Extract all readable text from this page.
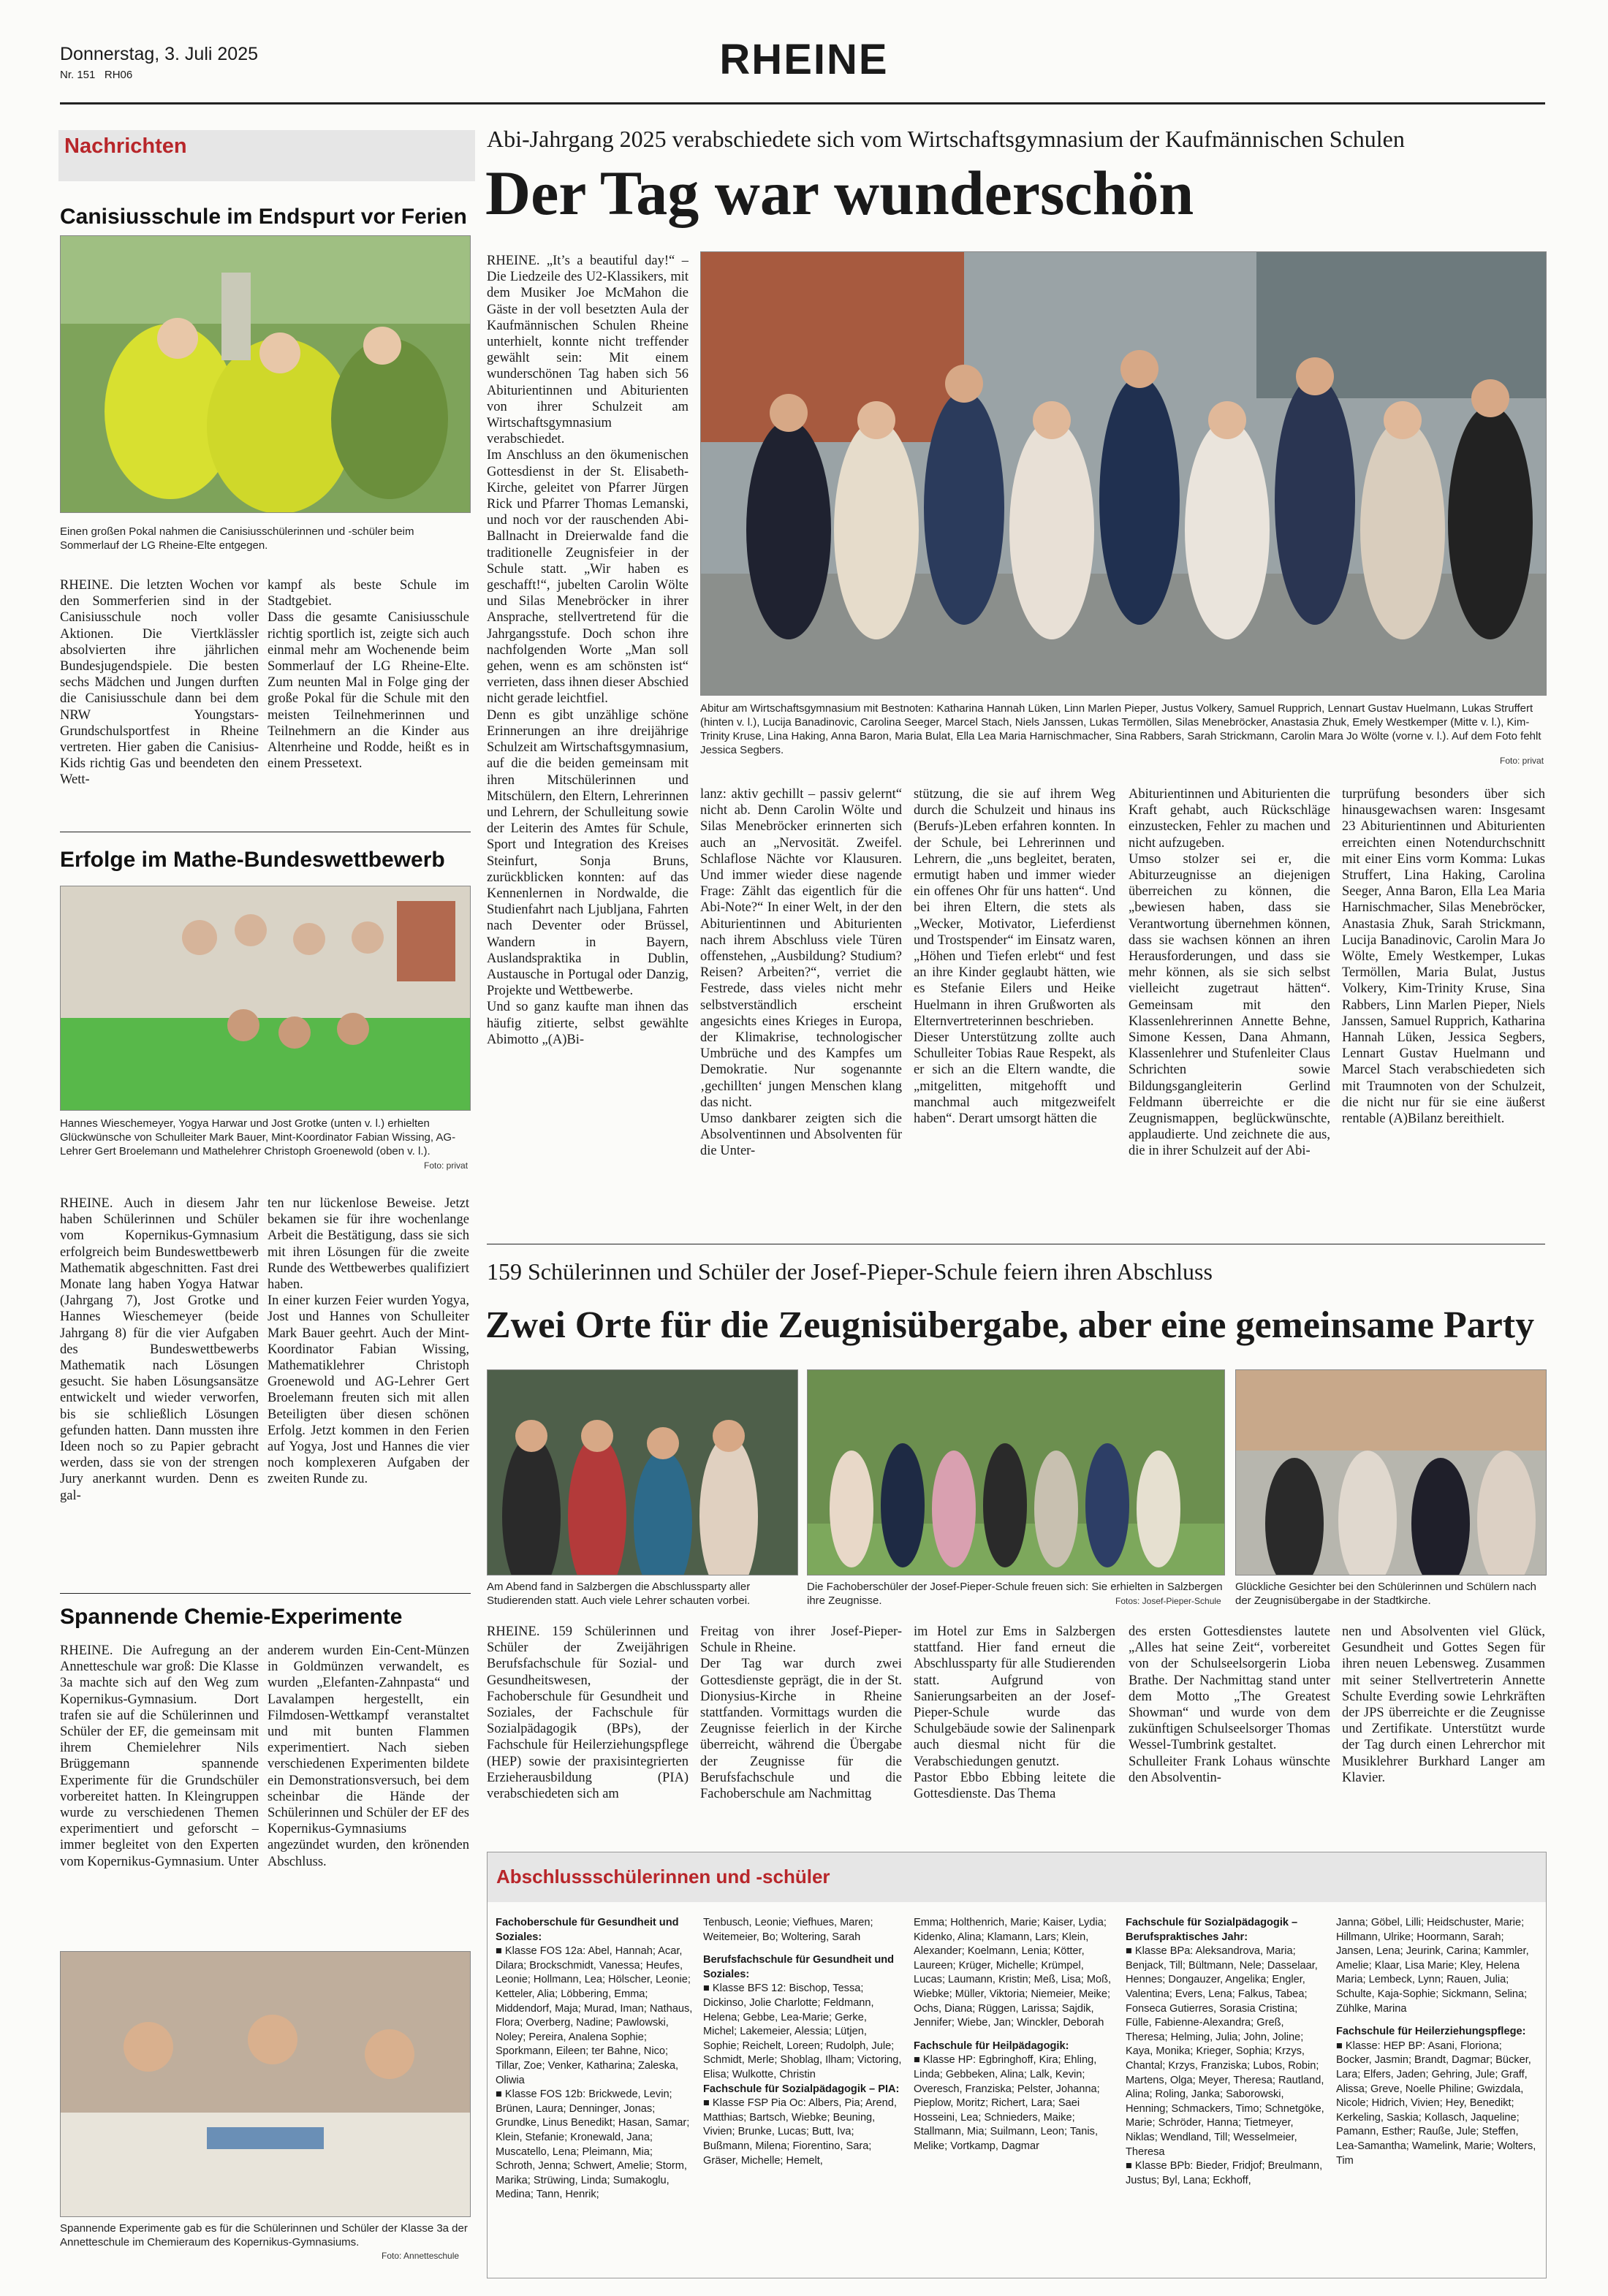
Donnerstag, 3. Juli 2025
Nr. 151   RH06	RHEINE
Nachrichten
Canisiusschule im Endspurt vor Ferien
Einen großen Pokal nahmen die Canisiusschülerinnen und -schüler beim Sommerlauf der LG Rheine-Elte entgegen.
RHEINE. Die letzten Wochen vor den Sommerferien sind in der Canisiusschule noch voller Aktionen. Die Viertklässler absolvierten ihre jährlichen Bundesjugendspiele. Die besten sechs Mädchen und Jungen durften die Canisiusschule dann bei dem NRW Youngstars-Grundschulsportfest in Rheine vertreten. Hier gaben die Canisius-Kids richtig Gas und beendeten den Wett-
kampf als beste Schule im Stadtgebiet.
Dass die gesamte Canisiusschule richtig sportlich ist, zeigte sich auch einmal mehr am Wochenende beim Sommerlauf der LG Rheine-Elte. Zum neunten Mal in Folge ging der große Pokal für die Schule mit den meisten Teilnehmerinnen und Teilnehmern an die Kinder aus Altenrheine und Rodde, heißt es in einem Pressetext.
Erfolge im Mathe-Bundeswettbewerb
Hannes Wieschemeyer, Yogya Harwar und Jost Grotke (unten v. l.) erhielten Glückwünsche von Schulleiter Mark Bauer, Mint-Koordinator Fabian Wissing, AG-Lehrer Gert Broelemann und Mathelehrer Christoph Groenewold (oben v. l.).
Foto: privat
RHEINE. Auch in diesem Jahr haben Schülerinnen und Schüler vom Kopernikus-Gymnasium erfolgreich beim Bundeswettbewerb Mathematik abgeschnitten. Fast drei Monate lang haben Yogya Hatwar (Jahrgang 7), Jost Grotke und Hannes Wieschemeyer (beide Jahrgang 8) für die vier Aufgaben des Bundeswettbewerbs Mathematik nach Lösungen gesucht. Sie haben Lösungsansätze entwickelt und wieder verworfen, bis sie schließlich Lösungen gefunden hatten. Dann mussten ihre Ideen noch so zu Papier gebracht werden, dass sie von der strengen Jury anerkannt wurden. Denn es gal-
ten nur lückenlose Beweise. Jetzt bekamen sie für ihre wochenlange Arbeit die Bestätigung, dass sie sich mit ihren Lösungen für die zweite Runde des Wettbewerbes qualifiziert haben.
In einer kurzen Feier wurden Yogya, Jost und Hannes von Schulleiter Mark Bauer geehrt. Auch der Mint-Koordinator Fabian Wissing, Mathematiklehrer Christoph Groenewold und AG-Lehrer Gert Broelemann freuten sich mit allen Beteiligten über diesen schönen Erfolg. Jetzt kommen in den Ferien auf Yogya, Jost und Hannes die vier noch komplexeren Aufgaben der zweiten Runde zu.
Spannende Chemie-Experimente
RHEINE. Die Aufregung an der Annetteschule war groß: Die Klasse 3a machte sich auf den Weg zum Kopernikus-Gymnasium. Dort trafen sie auf die Schülerinnen und Schüler der EF, die gemeinsam mit ihrem Chemielehrer Nils Brüggemann spannende Experimente für die Grundschüler vorbereitet hatten. In Kleingruppen wurde zu verschiedenen Themen experimentiert und geforscht – immer begleitet von den Experten vom Kopernikus-Gymnasium. Unter
anderem wurden Ein-Cent-Münzen in Goldmünzen verwandelt, es wurden „Elefanten-Zahnpasta“ und Lavalampen hergestellt, ein Filmdosen-Wettkampf veranstaltet und mit bunten Flammen experimentiert. Nach sieben verschiedenen Experimenten bildete ein Demonstrationsversuch, bei dem scheinbar die Hände der Schülerinnen und Schüler der EF des Kopernikus-Gymnasiums angezündet wurden, den krönenden Abschluss.
Spannende Experimente gab es für die Schülerinnen und Schüler der Klasse 3a der Annetteschule im Chemieraum des Kopernikus-Gymnasiums.
Foto: Annetteschule
Abi-Jahrgang 2025 verabschiedete sich vom Wirtschaftsgymnasium der Kaufmännischen Schulen
Der Tag war wunderschön
RHEINE. „It’s a beautiful day!“ – Die Liedzeile des U2-Klassikers, mit dem Musiker Joe McMahon die Gäste in der voll besetzten Aula der Kaufmännischen Schulen Rheine unterhielt, konnte nicht treffender gewählt sein: Mit einem wunderschönen Tag haben sich 56 Abiturientinnen und Abiturienten von ihrer Schulzeit am Wirtschaftsgymnasium verabschiedet.
Im Anschluss an den ökumenischen Gottesdienst in der St. Elisabeth-Kirche, geleitet von Pfarrer Jürgen Rick und Pfarrer Thomas Lemanski, und noch vor der rauschenden Abi-Ballnacht in Dreierwalde fand die traditionelle Zeugnisfeier in der Schule statt. „Wir haben es geschafft!“, jubelten Carolin Wölte und Silas Menebröcker in ihrer Ansprache, stellvertretend für die Jahrgangsstufe. Doch schon ihre nachfolgenden Worte „Man soll gehen, wenn es am schönsten ist“ verrieten, dass ihnen dieser Abschied nicht gerade leichtfiel.
Denn es gibt unzählige schöne Erinnerungen an ihre dreijährige Schulzeit am Wirtschaftsgymnasium, auf die die beiden gemeinsam mit ihren Mitschülerinnen und Mitschülern, den Eltern, Lehrerinnen und Lehrern, der Schulleitung sowie der Leiterin des Amtes für Schule, Sport und Integration des Kreises Steinfurt, Sonja Bruns, zurückblicken konnten: auf das Kennenlernen in Nordwalde, die Studienfahrt nach Ljubljana, Fahrten nach Deventer oder Brüssel, Wandern in Bayern, Auslandspraktika in Dublin, Austausche in Portugal oder Danzig, Projekte und Wettbewerbe.
Und so ganz kaufte man ihnen das häufig zitierte, selbst gewählte Abimotto „(A)Bi-
Abitur am Wirtschaftsgymnasium mit Bestnoten: Katharina Hannah Lüken, Linn Marlen Pieper, Justus Volkery, Samuel Rupprich, Lennart Gustav Huelmann, Lukas Struffert (hinten v. l.), Lucija Banadinovic, Carolina Seeger, Marcel Stach, Niels Janssen, Lukas Termöllen, Silas Menebröcker, Anastasia Zhuk, Emely Westkemper (Mitte v. l.), Kim-Trinity Kruse, Lina Haking, Anna Baron, Maria Bulat, Ella Lea Maria Harnischmacher, Sina Rabbers, Sarah Strickmann, Carolin Mara Jo Wölte (vorne v. l.). Auf dem Foto fehlt Jessica Segbers.
Foto: privat
lanz: aktiv gechillt – passiv gelernt“ nicht ab. Denn Carolin Wölte und Silas Menebröcker erinnerten sich auch an „Nervosität. Zweifel. Schlaflose Nächte vor Klausuren. Und immer wieder diese nagende Frage: Zählt das eigentlich für die Abi-Note?“ In einer Welt, in der den Abiturientinnen und Abiturienten nach ihrem Abschluss viele Türen offenstehen, „Ausbildung? Studium? Reisen? Arbeiten?“, verriet die Festrede, dass vieles nicht mehr selbstverständlich erscheint angesichts eines Krieges in Europa, der Klimakrise, technologischer Umbrüche und des Kampfes um Demokratie. Nur sogenannte ‚gechillten‘ jungen Menschen klang das nicht.
Umso dankbarer zeigten sich die Absolventinnen und Absolventen für die Unter-
stützung, die sie auf ihrem Weg durch die Schulzeit und hinaus ins (Berufs-)Leben erfahren konnten. In der Schule, bei Lehrerinnen und Lehrern, die „uns begleitet, beraten, ermutigt haben und immer wieder ein offenes Ohr für uns hatten“. Und bei ihren Eltern, die stets als „Wecker, Motivator, Lieferdienst und Trostspender“ im Einsatz waren, „Höhen und Tiefen erlebt“ und fest an ihre Kinder geglaubt hätten, wie es Stefanie Eilers und Heike Huelmann in ihren Grußworten als Elternvertreterinnen beschrieben.
Dieser Unterstützung zollte auch Schulleiter Tobias Raue Respekt, als er sich an die Eltern wandte, die „mitgelitten, mitgehofft und manchmal auch mitgezweifelt haben“. Derart umsorgt hätten die
Abiturientinnen und Abiturienten die Kraft gehabt, auch Rückschläge einzustecken, Fehler zu machen und nicht aufzugeben.
Umso stolzer sei er, die Abiturzeugnisse an diejenigen überreichen zu können, die „bewiesen haben, dass sie Verantwortung übernehmen können, dass sie wachsen können an ihren Herausforderungen, und dass sie mehr können, als sie sich selbst vielleicht zugetraut hätten“. Gemeinsam mit den Klassenlehrerinnen Annette Behne, Simone Kessen, Dana Ahmann, Klassenlehrer und Stufenleiter Claus Schrichten sowie Bildungsgangleiterin Gerlind Feldmann überreichte er die Zeugnismappen, beglückwünschte, applaudierte. Und zeichnete die aus, die in ihrer Schulzeit auf der Abi-
turprüfung besonders über sich hinausgewachsen waren: Insgesamt 23 Abiturientinnen und Abiturienten erreichten einen Notendurchschnitt mit einer Eins vorm Komma: Lukas Struffert, Lina Haking, Carolina Seeger, Anna Baron, Ella Lea Maria Harnischmacher, Silas Menebröcker, Anastasia Zhuk, Sarah Strickmann, Lucija Banadinovic, Carolin Mara Jo Wölte, Emely Westkemper, Lukas Termöllen, Maria Bulat, Justus Volkery, Kim-Trinity Kruse, Sina Rabbers, Linn Marlen Pieper, Niels Janssen, Samuel Rupprich, Katharina Hannah Lüken, Jessica Segbers, Lennart Gustav Huelmann und Marcel Stach verabschiedeten sich mit Traumnoten von der Schulzeit, die nicht nur für sie eine äußerst rentable (A)Bilanz bereithielt.
159 Schülerinnen und Schüler der Josef-Pieper-Schule feiern ihren Abschluss
Zwei Orte für die Zeugnisübergabe, aber eine gemeinsame Party
Am Abend fand in Salzbergen die Abschlussparty aller Studierenden statt. Auch viele Lehrer schauten vorbei.
Die Fachoberschüler der Josef-Pieper-Schule freuen sich: Sie erhielten in Salzbergen ihre Zeugnisse.	Fotos: Josef-Pieper-Schule
Glückliche Gesichter bei den Schülerinnen und Schülern nach der Zeugnisübergabe in der Stadtkirche.
RHEINE. 159 Schülerinnen und Schüler der Zweijährigen Berufsfachschule für Sozial- und Gesundheitswesen, der Fachoberschule für Gesundheit und Soziales, der Fachschule für Sozialpädagogik (BPs), der Fachschule für Heilerziehungspflege (HEP) sowie der praxisintegrierten Erzieherausbildung (PIA) verabschiedeten sich am
Freitag von ihrer Josef-Pieper-Schule in Rheine.
Der Tag war durch zwei Gottesdienste geprägt, die in der St. Dionysius-Kirche in Rheine stattfanden. Vormittags wurden die Zeugnisse feierlich in der Kirche überreicht, während die Übergabe der Zeugnisse für die Berufsfachschule und die Fachoberschule am Nachmittag
im Hotel zur Ems in Salzbergen stattfand. Hier fand erneut die Abschlussparty für alle Studierenden statt. Aufgrund von Sanierungsarbeiten an der Josef-Pieper-Schule wurde das Schulgebäude sowie der Salinenpark auch diesmal nicht für die Verabschiedungen genutzt.
Pastor Ebbo Ebbing leitete die Gottesdienste. Das Thema
des ersten Gottesdienstes lautete „Alles hat seine Zeit“, vorbereitet von der Schulseelsorgerin Lioba Brathe. Der Nachmittag stand unter dem Motto „The Greatest Showman“ und wurde von dem zukünftigen Schulseelsorger Thomas Wessel-Tumbrink gestaltet.
Schulleiter Frank Lohaus wünschte den Absolventin-
nen und Absolventen viel Glück, Gesundheit und Gottes Segen für ihren neuen Lebensweg. Zusammen mit seiner Stellvertreterin Annette Schulte Everding sowie Lehrkräften der JPS überreichte er die Zeugnisse und Zertifikate. Unterstützt wurde der Tag durch einen Lehrerchor mit Musiklehrer Burkhard Langer am Klavier.
Abschlussschülerinnen und -schüler
Fachoberschule für Gesundheit und Soziales:
■ Klasse FOS 12a: Abel, Hannah; Acar, Dilara; Brockschmidt, Vanessa; Heufes, Leonie; Hollmann, Lea; Hölscher, Leonie; Ketteler, Alia; Löbbering, Emma; Middendorf, Maja; Murad, Iman; Nathaus, Flora; Overberg, Nadine; Pawlowski, Noley; Pereira, Analena Sophie; Sporkmann, Eileen; ter Bahne, Nico; Tillar, Zoe; Venker, Katharina; Zaleska, Oliwia
■ Klasse FOS 12b: Brickwede, Levin; Brünen, Laura; Denninger, Jonas; Grundke, Linus Benedikt; Hasan, Samar; Klein, Stefanie; Kronewald, Jana; Muscatello, Lena; Pleimann, Mia; Schroth, Jenna; Schwert, Amelie; Storm, Marika; Strüwing, Linda; Sumakoglu, Medina; Tann, Henrik;
Tenbusch, Leonie; Viefhues, Maren; Weitemeier, Bo; Woltering, Sarah
Berufsfachschule für Gesundheit und Soziales:
■ Klasse BFS 12: Bischop, Tessa; Dickinso, Jolie Charlotte; Feldmann, Helena; Gebbe, Lea-Marie; Gerke, Michel; Lakemeier, Alessia; Lütjen, Sophie; Reichelt, Loreen; Rudolph, Jule; Schmidt, Merle; Shoblag, Ilham; Victoring, Elisa; Wulkotte, Christin
Fachschule für Sozialpädagogik – PIA:
■ Klasse FSP Pia Oc: Albers, Pia; Arend, Matthias; Bartsch, Wiebke; Beuning, Vivien; Brunke, Lucas; Butt, Iva; Bußmann, Milena; Fiorentino, Sara; Gräser, Michelle; Hemelt,
Emma; Holthenrich, Marie; Kaiser, Lydia; Kidenko, Alina; Klamann, Lars; Klein, Alexander; Koelmann, Lenia; Kötter, Laureen; Krüger, Michelle; Krümpel, Lucas; Laumann, Kristin; Meß, Lisa; Moß, Wiebke; Müller, Viktoria; Niemeier, Meike; Ochs, Diana; Rüggen, Larissa; Sajdik, Jennifer; Wiebe, Jan; Winckler, Deborah
Fachschule für Heilpädagogik:
■ Klasse HP: Egbringhoff, Kira; Ehling, Linda; Gebbeken, Alina; Lalk, Kevin; Overesch, Franziska; Pelster, Johanna; Pieplow, Moritz; Richert, Lara; Saei Hosseini, Lea; Schnieders, Maike; Stallmann, Mia; Suilmann, Leon; Tanis, Melike; Vortkamp, Dagmar
Fachschule für Sozialpädagogik – Berufspraktisches Jahr:
■ Klasse BPa: Aleksandrova, Maria; Benjack, Till; Bültmann, Nele; Dasselaar, Hennes; Dongauzer, Angelika; Engler, Valentina; Evers, Lena; Falkus, Tabea; Fonseca Gutierres, Sorasia Cristina; Fülle, Fabienne-Alexandra; Greß, Theresa; Helming, Julia; John, Joline; Kaya, Monika; Krieger, Sophia; Krzys, Chantal; Krzys, Franziska; Lubos, Robin; Martens, Olga; Meyer, Theresa; Rautland, Alina; Roling, Janka; Saborowski, Henning; Schmackers, Timo; Schnetgöke, Marie; Schröder, Hanna; Tietmeyer, Niklas; Wendland, Till; Wesselmeier, Theresa
■ Klasse BPb: Bieder, Fridjof; Breulmann, Justus; Byl, Lana; Eckhoff,
Janna; Göbel, Lilli; Heidschuster, Marie; Hillmann, Ulrike; Hoormann, Sarah; Jansen, Lena; Jeurink, Carina; Kammler, Amelie; Klaar, Lisa Marie; Kley, Helena Maria; Lembeck, Lynn; Rauen, Julia; Schulte, Kaja-Sophie; Sickmann, Selina; Zühlke, Marina
Fachschule für Heilerziehungspflege:
■ Klasse: HEP BP: Asani, Floriona; Bocker, Jasmin; Brandt, Dagmar; Bücker, Lara; Elfers, Jaden; Gehring, Jule; Graff, Alissa; Greve, Noelle Philine; Gwizdala, Nicole; Hidrich, Vivien; Hey, Benedikt; Kerkeling, Saskia; Kollasch, Jaqueline; Pamann, Esther; Rauße, Jule; Steffen, Lea-Samantha; Wamelink, Marie; Wolters, Tim
